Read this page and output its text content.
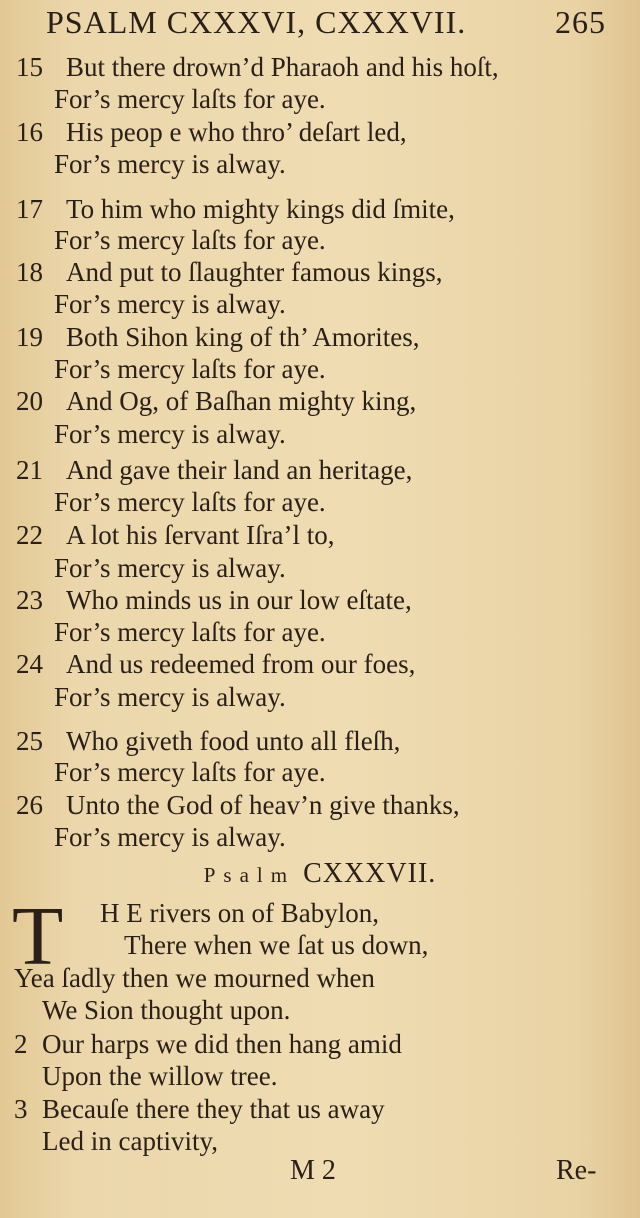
PSALM CXXXVI, CXXXVII.	265
15 But there drown’d Pharaoh and his hoſt,
For’s mercy laſts for aye.
16 His peop e who thro’ deſart led,
For’s mercy is alway.
17 To him who mighty kings did ſmite,
For’s mercy laſts for aye.
18 And put to ſlaughter famous kings,
For’s mercy is alway.
19 Both Sihon king of th’ Amorites,
For’s mercy laſts for aye.
20 And Og, of Baſhan mighty king,
For’s mercy is alway.
21 And gave their land an heritage,
For’s mercy laſts for aye.
22 A lot his ſervant Iſra’l to,
For’s mercy is alway.
23 Who minds us in our low eſtate,
For’s mercy laſts for aye.
24 And us redeemed from our foes,
For’s mercy is alway.
25 Who giveth food unto all fleſh,
For’s mercy laſts for aye.
26 Unto the God of heav’n give thanks,
For’s mercy is alway.
Psalm CXXXVII.
T H E rivers on of Babylon,
There when we ſat us down,
Yea ſadly then we mourned when
We Sion thought upon.
2 Our harps we did then hang amid
Upon the willow tree.
3 Becauſe there they that us away
Led in captivity,
M 2	Re-
